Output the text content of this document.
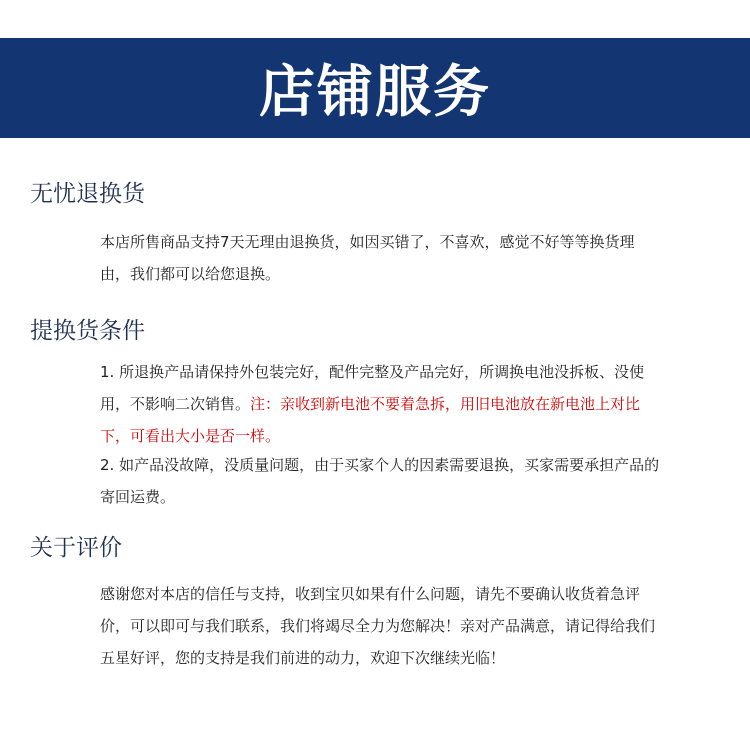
店铺服务
无忧退换货

本店所售商品支持7天无理由退换货，如因买错了，不喜欢，感觉不好等等换货理由，我们都可以给您退换。

提换货条件

1. 所退换产品请保持外包装完好，配件完整及产品完好，所调换电池没拆板、没使用，不影响二次销售。注：亲收到新电池不要着急拆，用旧电池放在新电池上对比下，可看出大小是否一样。

2. 如产品没故障，没质量问题，由于买家个人的因素需要退换，买家需要承担产品的寄回运费。

关于评价

感谢您对本店的信任与支持，收到宝贝如果有什么问题，请先不要确认收货着急评价，可以即可与我们联系，我们将竭尽全力为您解决！亲对产品满意，请记得给我们五星好评，您的支持是我们前进的动力，欢迎下次继续光临！
